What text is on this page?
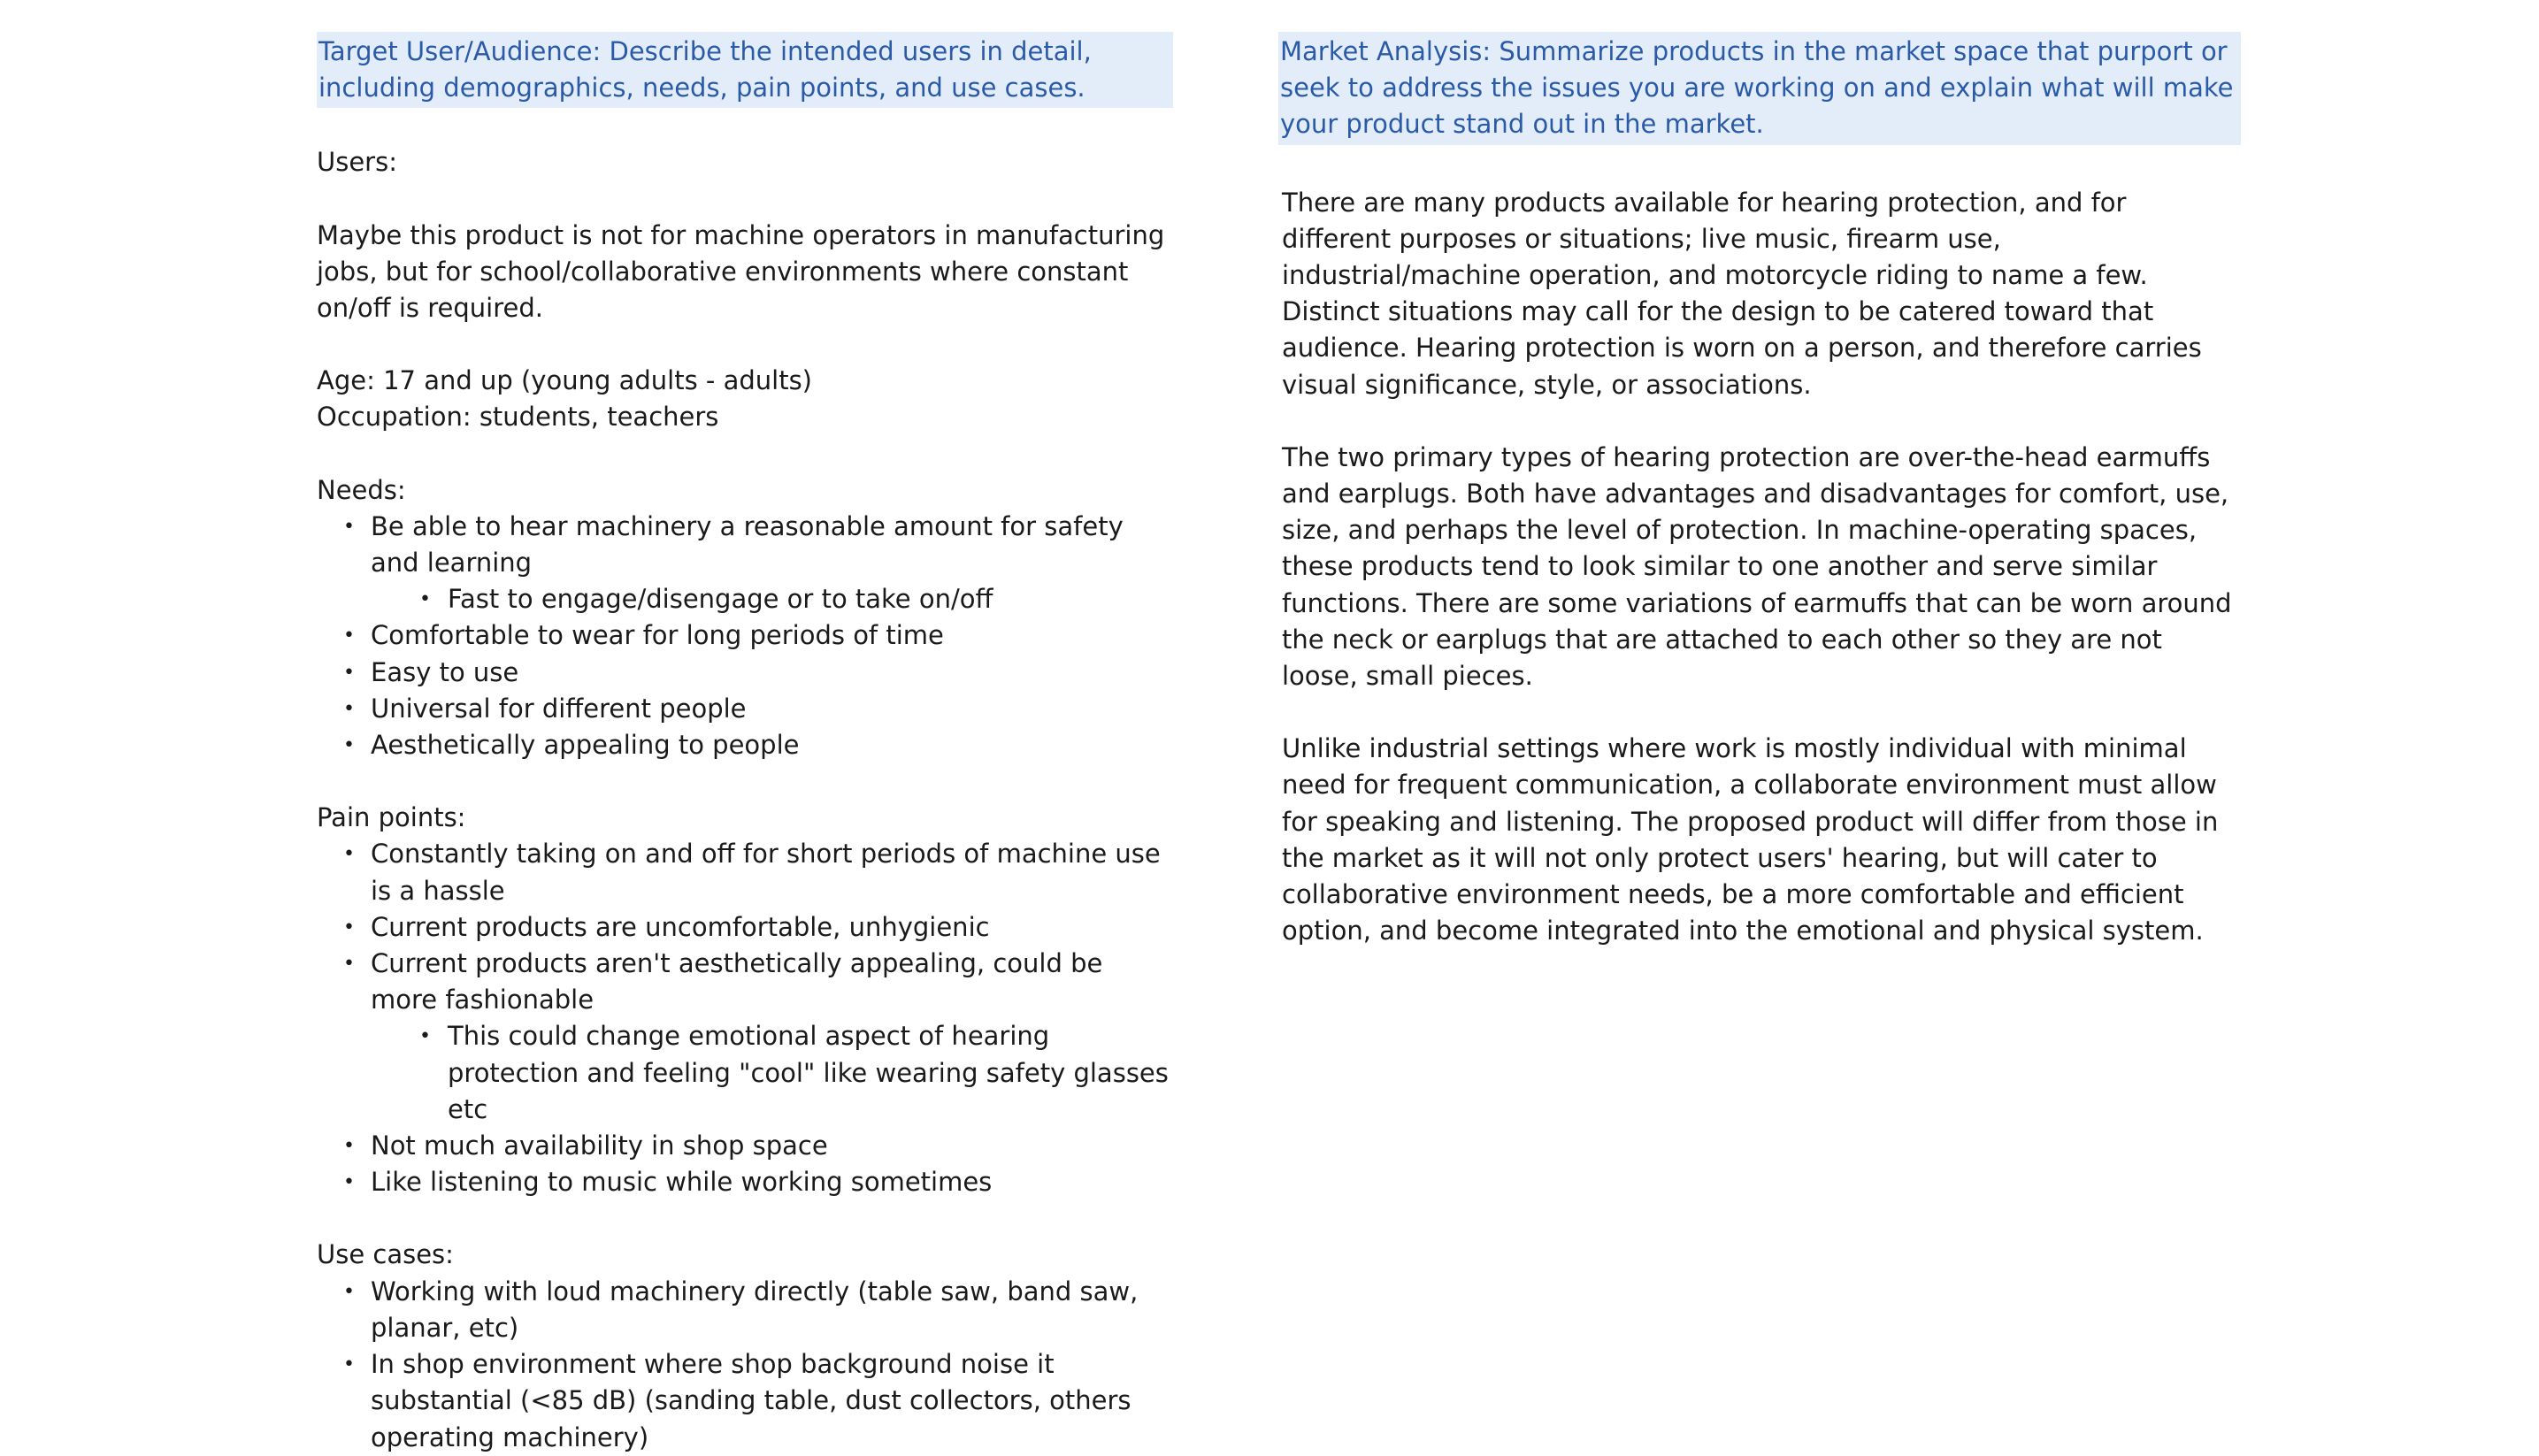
Target User/Audience: Describe the intended users in detail, including demographics, needs, pain points, and use cases.

Users:

Maybe this product is not for machine operators in manufacturing jobs, but for school/collaborative environments where constant on/off is required.

Age: 17 and up (young adults - adults)

Occupation: students, teachers

Needs:

• Be able to hear machinery a reasonable amount for safety and learning
• Fast to engage/disengage or to take on/off
• Comfortable to wear for long periods of time
• Easy to use
• Universal for different people
• Aesthetically appealing to people

Pain points:

• Constantly taking on and off for short periods of machine use is a hassle
• Current products are uncomfortable, unhygienic
• Current products aren't aesthetically appealing, could be more fashionable
• This could change emotional aspect of hearing protection and feeling "cool" like wearing safety glasses etc
• Not much availability in shop space
• Like listening to music while working sometimes

Use cases:

• Working with loud machinery directly (table saw, band saw, planar, etc)
• In shop environment where shop background noise it substantial (<85 dB) (sanding table, dust collectors, others operating machinery)

Market Analysis: Summarize products in the market space that purport or seek to address the issues you are working on and explain what will make your product stand out in the market.

There are many products available for hearing protection, and for different purposes or situations; live music, firearm use, industrial/machine operation, and motorcycle riding to name a few. Distinct situations may call for the design to be catered toward that audience. Hearing protection is worn on a person, and therefore carries visual significance, style, or associations.

The two primary types of hearing protection are over-the-head earmuffs and earplugs. Both have advantages and disadvantages for comfort, use, size, and perhaps the level of protection. In machine-operating spaces, these products tend to look similar to one another and serve similar functions. There are some variations of earmuffs that can be worn around the neck or earplugs that are attached to each other so they are not loose, small pieces.

Unlike industrial settings where work is mostly individual with minimal need for frequent communication, a collaborate environment must allow for speaking and listening. The proposed product will differ from those in the market as it will not only protect users' hearing, but will cater to collaborative environment needs, be a more comfortable and efficient option, and become integrated into the emotional and physical system.
